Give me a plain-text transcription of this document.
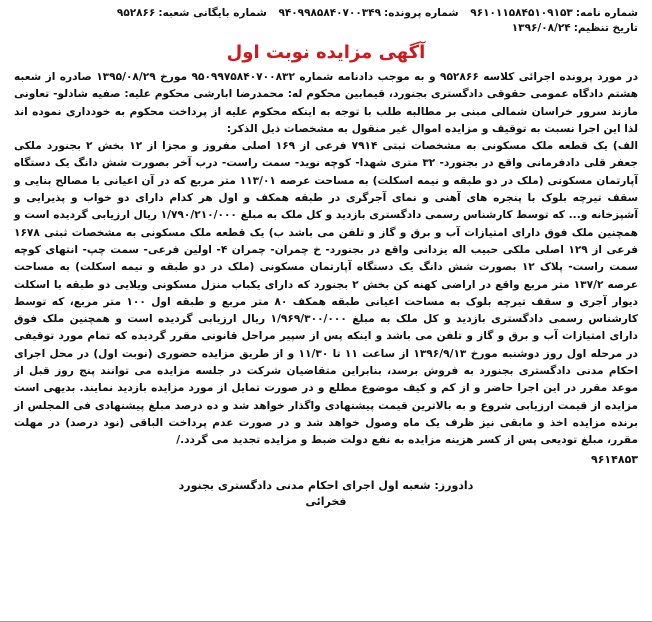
شماره نامه:۹۶۱۰۱۱۵۸۴۵۱۰۹۱۵۳ شماره پرونده:۹۴۰۹۹۸۵۸۴۰۷۰۰۳۴۹ شماره بایگانی شعبه:۹۵۲۸۶۶
تاریخ تنظیم:۱۳۹۶/۰۸/۲۴
آگهی مزایده نوبت اول

در مورد پرونده اجرائی کلاسه ۹۵۲۸۶۶ و به موجب دادنامه شماره ۹۵۰۹۹۷۵۸۴۰۷۰۰۸۳۲ مورخ ۱۳۹۵/۰۸/۲۹ صادره از شعبه هشتم دادگاه عمومی حقوقی دادگستری بجنورد، قیمابین محکوم له: محمدرضا ابارشی محکوم علیه: صفیه شادلو- تعاونی مازند سرور خراسان شمالی مبنی بر مطالبه طلب با توجه به اینکه محکوم علیه از پرداخت محکوم به خودداری نموده اند لذا این اجرا نسبت به توقیف و مزایده اموال غیر منقول به مشخصات ذیل الذکر:

الف) یک قطعه ملک مسکونی به مشخصات ثبتی ۷۹۱۴ فرعی از ۱۶۹ اصلی مفروز و مجزا از ۱۲ بخش ۲ بجنورد ملکی جعفر قلی دادفرمانی واقع در بجنورد- ۳۲ متری شهدا- کوچه نوید- سمت راست- درب آخر بصورت شش دانگ یک دستگاه آپارتمان مسکونی (ملک در دو طبقه و نیمه اسکلت) به مساحت عرصه ۱۱۳/۰۱ متر مربع که در آن اعیانی با مصالح بنایی و سقف تیرچه بلوک با پنجره های آهنی و نمای آجرگری در طبقه همکف و اول هر کدام دارای دو خواب و پذیرایی و آشپزخانه و... که توسط کارشناس رسمی دادگستری بازدید و کل ملک به مبلغ ۱/۷۹۰/۲۱۰/۰۰۰ ریال ارزیابی گردیده است و همچنین ملک فوق دارای امتیازات آب و برق و گاز و تلفن می باشد ب) یک قطعه ملک مسکونی به مشخصات ثبتی ۱۶۷۸ فرعی از ۱۲۹ اصلی ملکی حبیب اله یزدانی واقع در بجنورد- خ چمران- چمران ۴- اولین فرعی- سمت چپ- انتهای کوچه سمت راست- پلاک ۱۲ بصورت شش دانگ یک دستگاه آپارتمان مسکونی (ملک در دو طبقه و نیمه اسکلت) به مساحت عرصه ۱۳۷/۲ متر مربع واقع در اراضی کهنه کن بخش ۲ بجنورد که دارای یکباب منزل مسکونی ویلایی دو طبقه با اسکلت دیوار آجری و سقف تیرچه بلوک به مساحت اعیانی طبقه همکف ۸۰ متر مربع و طبقه اول ۱۰۰ متر مربع، که توسط کارشناس رسمی دادگستری بازدید و کل ملک به مبلغ ۱/۹۶۹/۳۰۰/۰۰۰ ریال ارزیابی گردیده است و همچنین ملک فوق دارای امتیازات آب و برق و گاز و تلفن می باشد و اینکه پس از سپیر مراحل قانونی مقرر گردیده که تمام مورد توقیفی در مرحله اول روز دوشنبه مورخ ۱۳۹۶/۹/۱۳ از ساعت ۱۱ تا ۱۱/۳۰ و از طریق مزایده حضوری (نوبت اول) در محل اجرای احکام مدنی دادگستری بجنورد به فروش برسد، بنابراین متقاضیان شرکت در جلسه مزایده می توانند پنج روز قبل از موعد مقرر در این اجرا حاضر و از کم و کیف موضوع مطلع و در صورت تمایل از مورد مزایده بازدید نمایند. بدیهی است مزایده از قیمت ارزیابی شروع و به بالاترین قیمت پیشنهادی واگذار خواهد شد و ده درصد مبلغ پیشنهادی فی المجلس از برنده مزایده اخذ و مابقی نیز ظرف یک ماه وصول خواهد شد و در صورت عدم پرداخت الباقی (نود درصد) در مهلت مقرر، مبلغ تودیعی پس از کسر هزینه مزایده به نفع دولت ضبط و مزایده تجدید می گردد./

۹۶۱۴۸۵۳
دادورز: شعبه اول اجرای احکام مدنی دادگستری بجنورد
فخرائی
